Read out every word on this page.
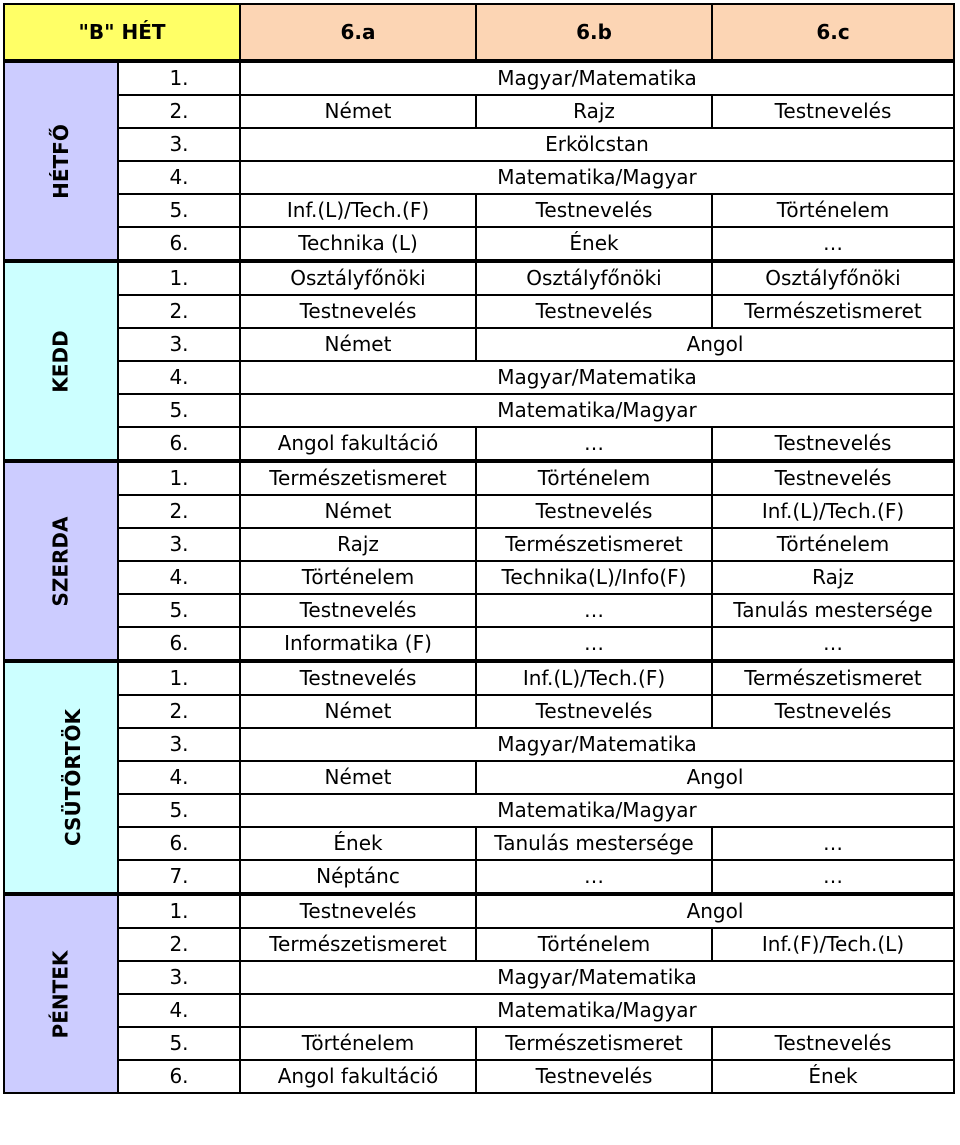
"B" HÉT		6.a	6.b	6.c
HÉTFŐ	1.	Magyar/Matematika		
	2.	Német	Rajz	Testnevelés
	3.	Erkölcstan		
	4.	Matematika/Magyar		
	5.	Inf.(L)/Tech.(F)	Testnevelés	Történelem
	6.	Technika (L)	Ének	…
KEDD	1.	Osztályfőnöki	Osztályfőnöki	Osztályfőnöki
	2.	Testnevelés	Testnevelés	Természetismeret
	3.	Német	Angol	
	4.	Magyar/Matematika		
	5.	Matematika/Magyar		
	6.	Angol fakultáció	…	Testnevelés
SZERDA	1.	Természetismeret	Történelem	Testnevelés
	2.	Német	Testnevelés	Inf.(L)/Tech.(F)
	3.	Rajz	Természetismeret	Történelem
	4.	Történelem	Technika(L)/Info(F)	Rajz
	5.	Testnevelés	…	Tanulás mestersége
	6.	Informatika (F)	…	…
CSÜTÖRTÖK	1.	Testnevelés	Inf.(L)/Tech.(F)	Természetismeret
	2.	Német	Testnevelés	Testnevelés
	3.	Magyar/Matematika		
	4.	Német	Angol	
	5.	Matematika/Magyar		
	6.	Ének	Tanulás mestersége	…
	7.	Néptánc	…	…
PÉNTEK	1.	Testnevelés	Angol	
	2.	Természetismeret	Történelem	Inf.(F)/Tech.(L)
	3.	Magyar/Matematika		
	4.	Matematika/Magyar		
	5.	Történelem	Természetismeret	Testnevelés
	6.	Angol fakultáció	Testnevelés	Ének
